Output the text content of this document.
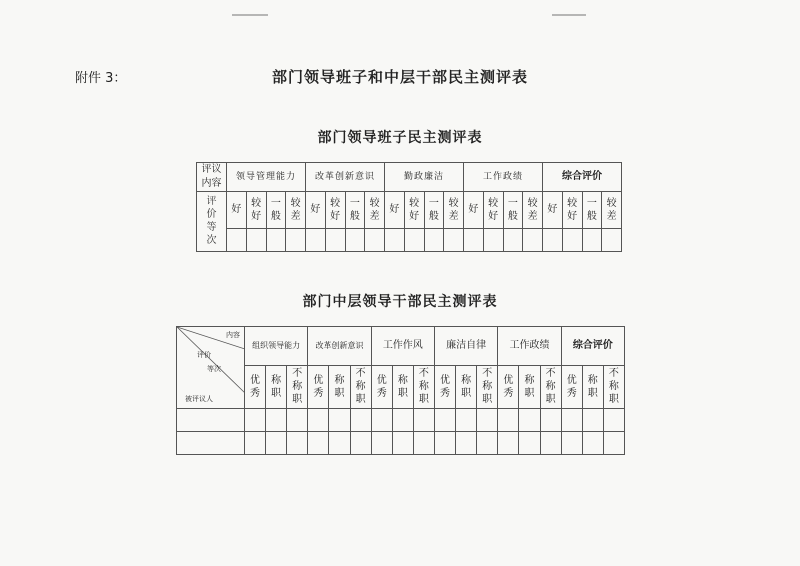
附件 3：	部门领导班子和中层干部民主测评表
部门领导班子民主测评表
评议
内容	领导管理能力				改革创新意识				勤政廉洁				工作政绩				综合评价			
评价等次	好	较好	一般	较差	好	较好	一般	较差	好	较好	一般	较差	好	较好	一般	较差	好	较好	一般	较差

部门中层领导干部民主测评表
内容
评价
等次
被评议人	组织领导能力			改革创新意识			工作作风			廉洁自律			工作政绩			综合评价		
	优秀	称职	不称职	优秀	称职	不称职	优秀	称职	不称职	优秀	称职	不称职	优秀	称职	不称职	优秀	称职	不称职
